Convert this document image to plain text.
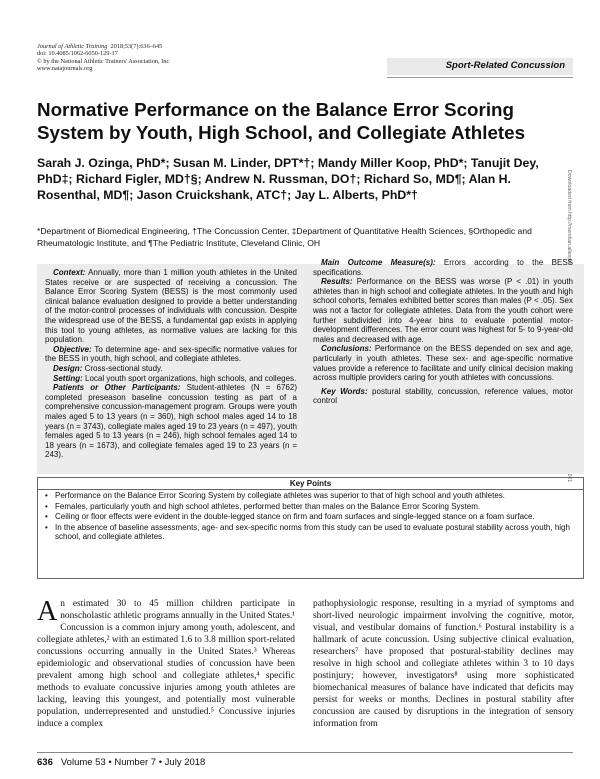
Journal of Athletic Training 2018;53(7):636–645
doi: 10.4085/1062-6050-129-17
© by the National Athletic Trainers' Association, Inc
www.natajournals.org	Sport-Related Concussion
Normative Performance on the Balance Error Scoring System by Youth, High School, and Collegiate Athletes
Sarah J. Ozinga, PhD*; Susan M. Linder, DPT*†; Mandy Miller Koop, PhD*; Tanujit Dey, PhD‡; Richard Figler, MD†§; Andrew N. Russman, DO†; Richard So, MD¶; Alan H. Rosenthal, MD¶; Jason Cruickshank, ATC†; Jay L. Alberts, PhD*†
*Department of Biomedical Engineering, †The Concussion Center, ‡Department of Quantitative Health Sciences, §Orthopedic and Rheumatologic Institute, and ¶The Pediatric Institute, Cleveland Clinic, OH

Context: Annually, more than 1 million youth athletes in the United States receive or are suspected of receiving a concussion. The Balance Error Scoring System (BESS) is the most commonly used clinical balance evaluation designed to provide a better understanding of the motor-control processes of individuals with concussion. Despite the widespread use of the BESS, a fundamental gap exists in applying this tool to young athletes, as normative values are lacking for this population.

Objective: To determine age- and sex-specific normative values for the BESS in youth, high school, and collegiate athletes.

Design: Cross-sectional study.

Setting: Local youth sport organizations, high schools, and colleges.

Patients or Other Participants: Student-athletes (N = 6762) completed preseason baseline concussion testing as part of a comprehensive concussion-management program. Groups were youth males aged 5 to 13 years (n = 360), high school males aged 14 to 18 years (n = 3743), collegiate males aged 19 to 23 years (n = 497), youth females aged 5 to 13 years (n = 246), high school females aged 14 to 18 years (n = 1673), and collegiate females aged 19 to 23 years (n = 243).

Main Outcome Measure(s): Errors according to the BESS specifications.

Results: Performance on the BESS was worse (P < .01) in youth athletes than in high school and collegiate athletes. In the youth and high school cohorts, females exhibited better scores than males (P < .05). Sex was not a factor for collegiate athletes. Data from the youth cohort were further subdivided into 4-year bins to evaluate potential motor-development differences. The error count was highest for 5- to 9-year-old males and decreased with age.

Conclusions: Performance on the BESS depended on sex and age, particularly in youth athletes. These sex- and age-specific normative values provide a reference to facilitate and unify clinical decision making across multiple providers caring for youth athletes with concussions.

Key Words: postural stability, concussion, reference values, motor control

Key Points
• Performance on the Balance Error Scoring System by collegiate athletes was superior to that of high school and youth athletes.
• Females, particularly youth and high school athletes, performed better than males on the Balance Error Scoring System.
• Ceiling or floor effects were evident in the double-legged stance on firm and foam surfaces and single-legged stance on a foam surface.
• In the absence of baseline assessments, age- and sex-specific norms from this study can be used to evaluate postural stability across youth, high school, and collegiate athletes.
An estimated 30 to 45 million children participate in nonscholastic athletic programs annually in the United States.¹ Concussion is a common injury among youth, adolescent, and collegiate athletes,² with an estimated 1.6 to 3.8 million sport-related concussions occurring annually in the United States.³ Whereas epidemiologic and observational studies of concussion have been prevalent among high school and collegiate athletes,⁴ specific methods to evaluate concussive injuries among youth athletes are lacking, leaving this youngest, and potentially most vulnerable population, underrepresented and unstudied.⁵ Concussive injuries induce a complex
pathophysiologic response, resulting in a myriad of symptoms and short-lived neurologic impairment involving the cognitive, motor, visual, and vestibular domains of function.⁶ Postural instability is a hallmark of acute concussion. Using subjective clinical evaluation, researchers⁷ have proposed that postural-stability declines may resolve in high school and collegiate athletes within 3 to 10 days postinjury; however, investigators⁸ using more sophisticated biomechanical measures of balance have indicated that deficits may persist for weeks or months. Declines in postural stability after concussion are caused by disruptions in the integration of sensory information from
636 Volume 53 • Number 7 • July 2018
